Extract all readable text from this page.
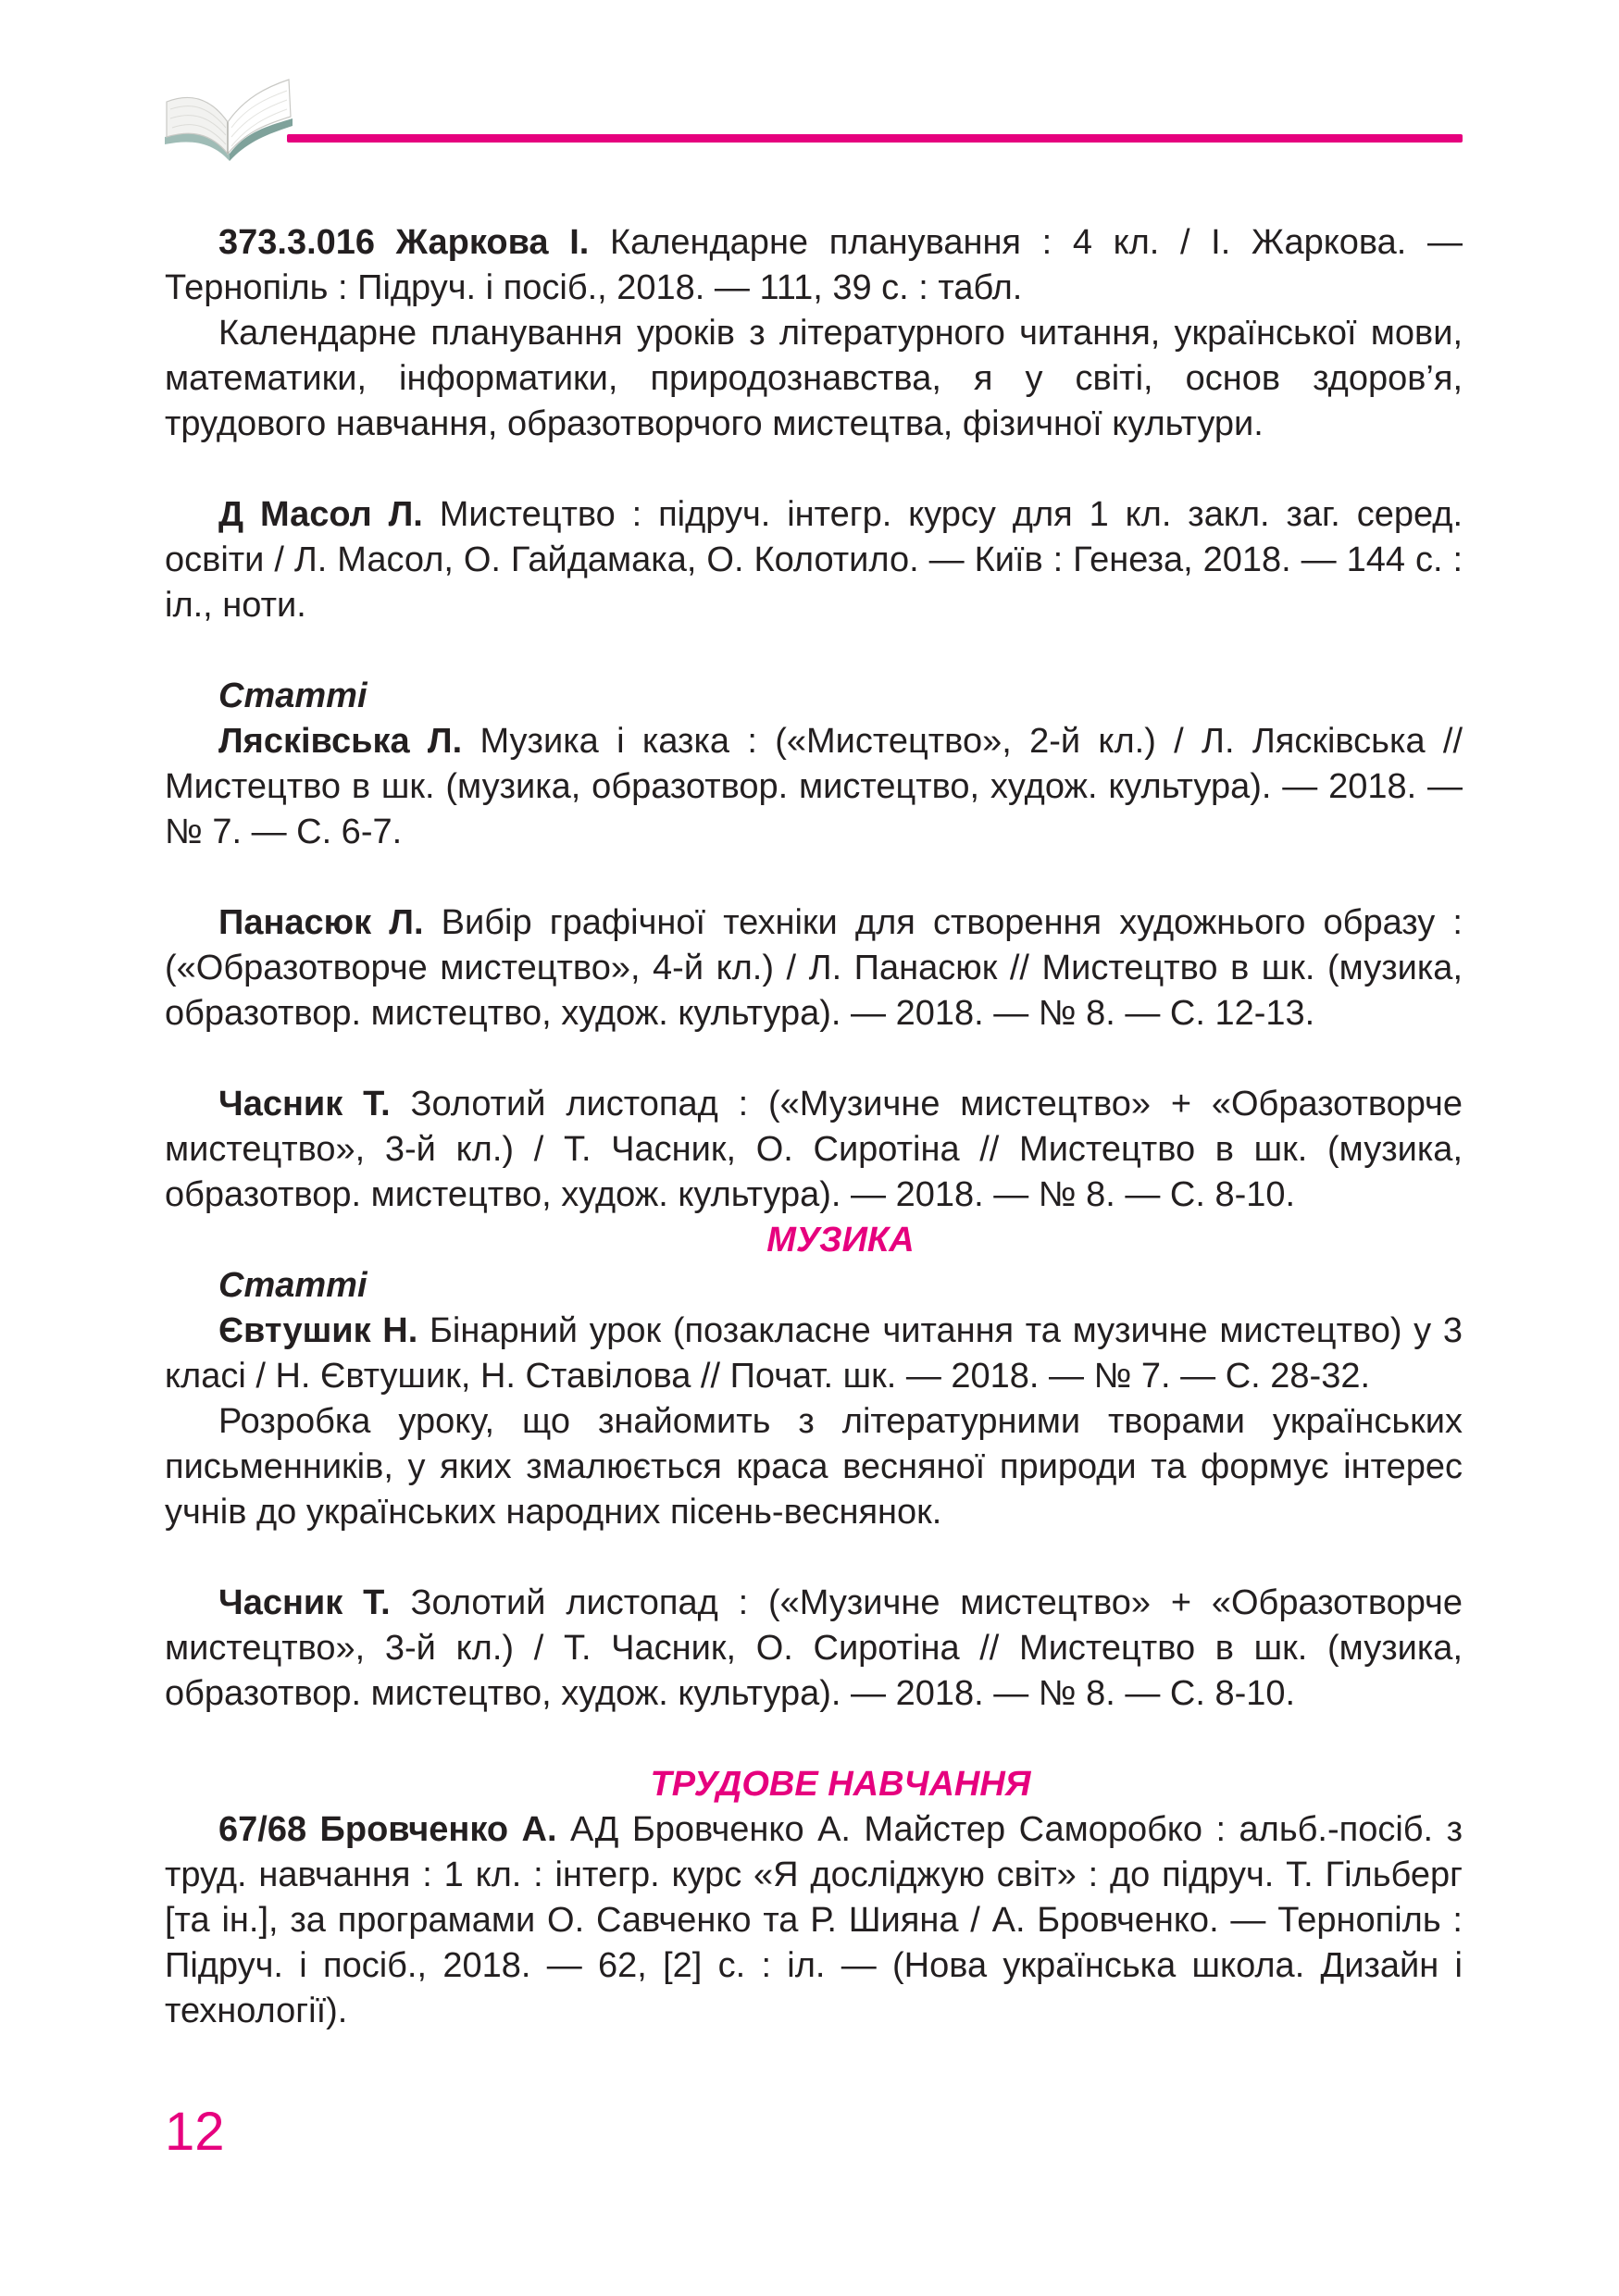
373.3.016 Жаркова І. Календарне планування : 4 кл. / І. Жаркова. — Тернопіль : Підруч. і посіб., 2018. — 111, 39 с. : табл.

Календарне планування уроків з літературного читання, української мови, математики, інформатики, природознавства, я у світі, основ здоров’я, трудового навчання, образотворчого мистецтва, фізичної культури.

Д Масол Л. Мистецтво : підруч. інтегр. курсу для 1 кл. закл. заг. серед. освіти / Л. Масол, О. Гайдамака, О. Колотило. — Київ : Генеза, 2018. — 144 с. : іл., ноти.

Статті

Лясківська Л. Музика і казка : («Мистецтво», 2-й кл.) / Л. Лясківська // Мистецтво в шк. (музика, образотвор. мистецтво, худож. культура). — 2018. — № 7. — С. 6-7.

Панасюк Л. Вибір графічної техніки для створення художнього образу : («Образотворче мистецтво», 4-й кл.) / Л. Панасюк // Мистецтво в шк. (музика, образотвор. мистецтво, худож. культура). — 2018. — № 8. — С. 12-13.

Часник Т. Золотий листопад : («Музичне мистецтво» + «Образотворче мистецтво», 3-й кл.) / Т. Часник, О. Сиротіна // Мистецтво в шк. (музика, образотвор. мистецтво, худож. культура). — 2018. — № 8. — С. 8-10.

МУЗИКА

Статті

Євтушик Н. Бінарний урок (позакласне читання та музичне мистецтво) у 3 класі / Н. Євтушик, Н. Ставілова // Почат. шк. — 2018. — № 7. — С. 28-32.

Розробка уроку, що знайомить з літературними творами українських письменників, у яких змалюється краса весняної природи та формує інтерес учнів до українських народних пісень-веснянок.

Часник Т. Золотий листопад : («Музичне мистецтво» + «Образотворче мистецтво», 3-й кл.) / Т. Часник, О. Сиротіна // Мистецтво в шк. (музика, образотвор. мистецтво, худож. культура). — 2018. — № 8. — С. 8-10.

ТРУДОВЕ НАВЧАННЯ

67/68 Бровченко А. АД Бровченко А. Майстер Саморобко : альб.-посіб. з труд. навчання : 1 кл. : інтегр. курс «Я досліджую світ» : до підруч. Т. Гільберг [та ін.], за програмами О. Савченко та Р. Шияна / А. Бровченко. — Тернопіль : Підруч. і посіб., 2018. — 62, [2] с. : іл. — (Нова українська школа. Дизайн і технології).

12
